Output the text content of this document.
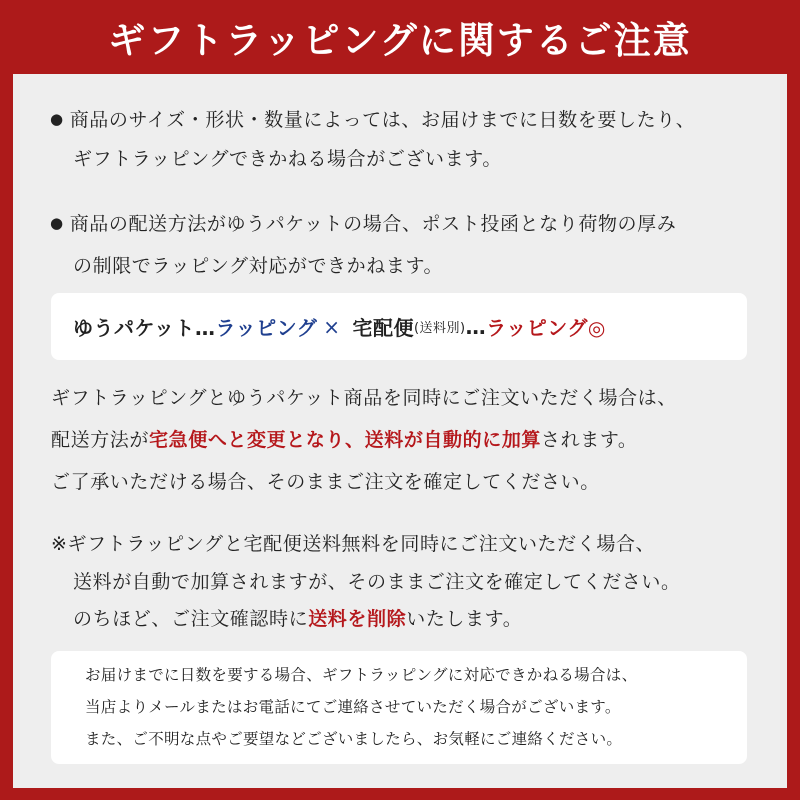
ギフトラッピングに関するご注意
● 商品のサイズ・形状・数量によっては、お届けまでに日数を要したり、
ギフトラッピングできかねる場合がございます。
● 商品の配送方法がゆうパケットの場合、ポスト投函となり荷物の厚み
の制限でラッピング対応ができかねます。
ゆうパケット… ラッピング × 宅配便 (送料別) … ラッピング◎
ギフトラッピングとゆうパケット商品を同時にご注文いただく場合は、
配送方法が宅急便へと変更となり、送料が自動的に加算されます。
ご了承いただける場合、そのままご注文を確定してください。
※ギフトラッピングと宅配便送料無料を同時にご注文いただく場合、
送料が自動で加算されますが、そのままご注文を確定してください。
のちほど、ご注文確認時に送料を削除いたします。
お届けまでに日数を要する場合、ギフトラッピングに対応できかねる場合は、
当店よりメールまたはお電話にてご連絡させていただく場合がございます。
また、ご不明な点やご要望などございましたら、お気軽にご連絡ください。
